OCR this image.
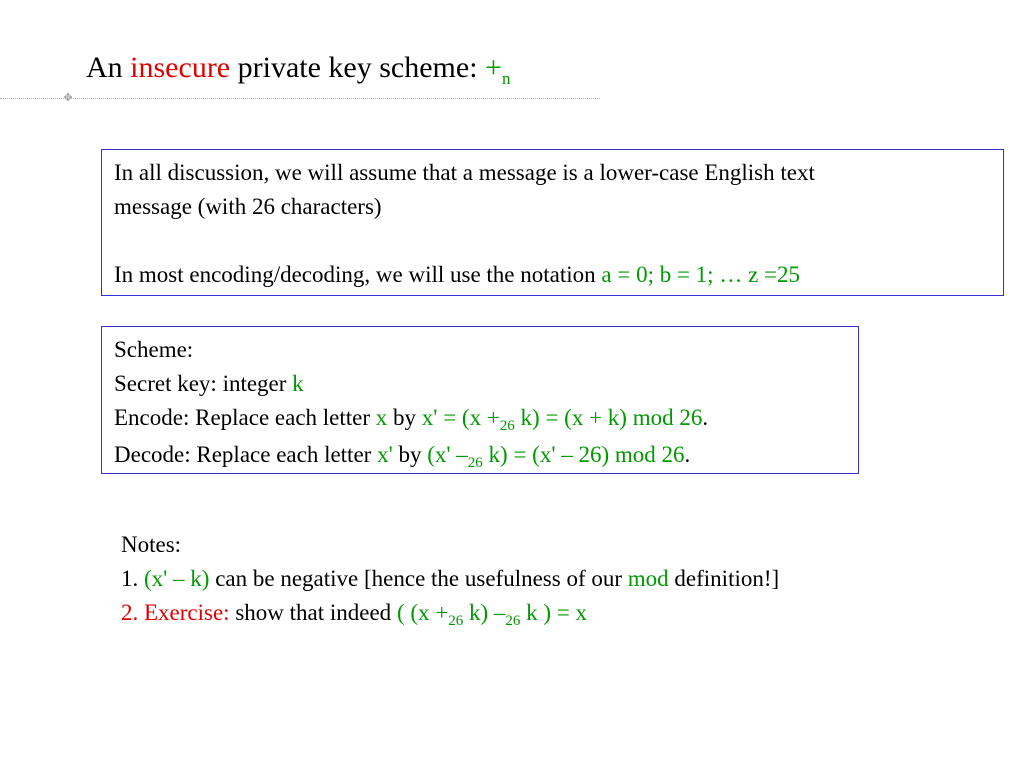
An insecure private key scheme: $+_n$
✥
In all discussion, we will assume that a message is a lower-case English text
message (with 26 characters)
In most encoding/decoding, we will use the notation a = 0; b = 1; … z =25
Scheme:
Secret key: integer k
Encode: Replace each letter x by $x' = (x +_{26}$ k) = (x + k) mod 26.
Decode: Replace each letter x' by (x' $-_{26}$ k) = (x' – 26) mod 26.
Notes:
1. (x' – k) can be negative [hence the usefulness of our mod definition!]
2. Exercise: show that indeed ( ($x +_{26}$ k) $-_{26}$ k ) = x
